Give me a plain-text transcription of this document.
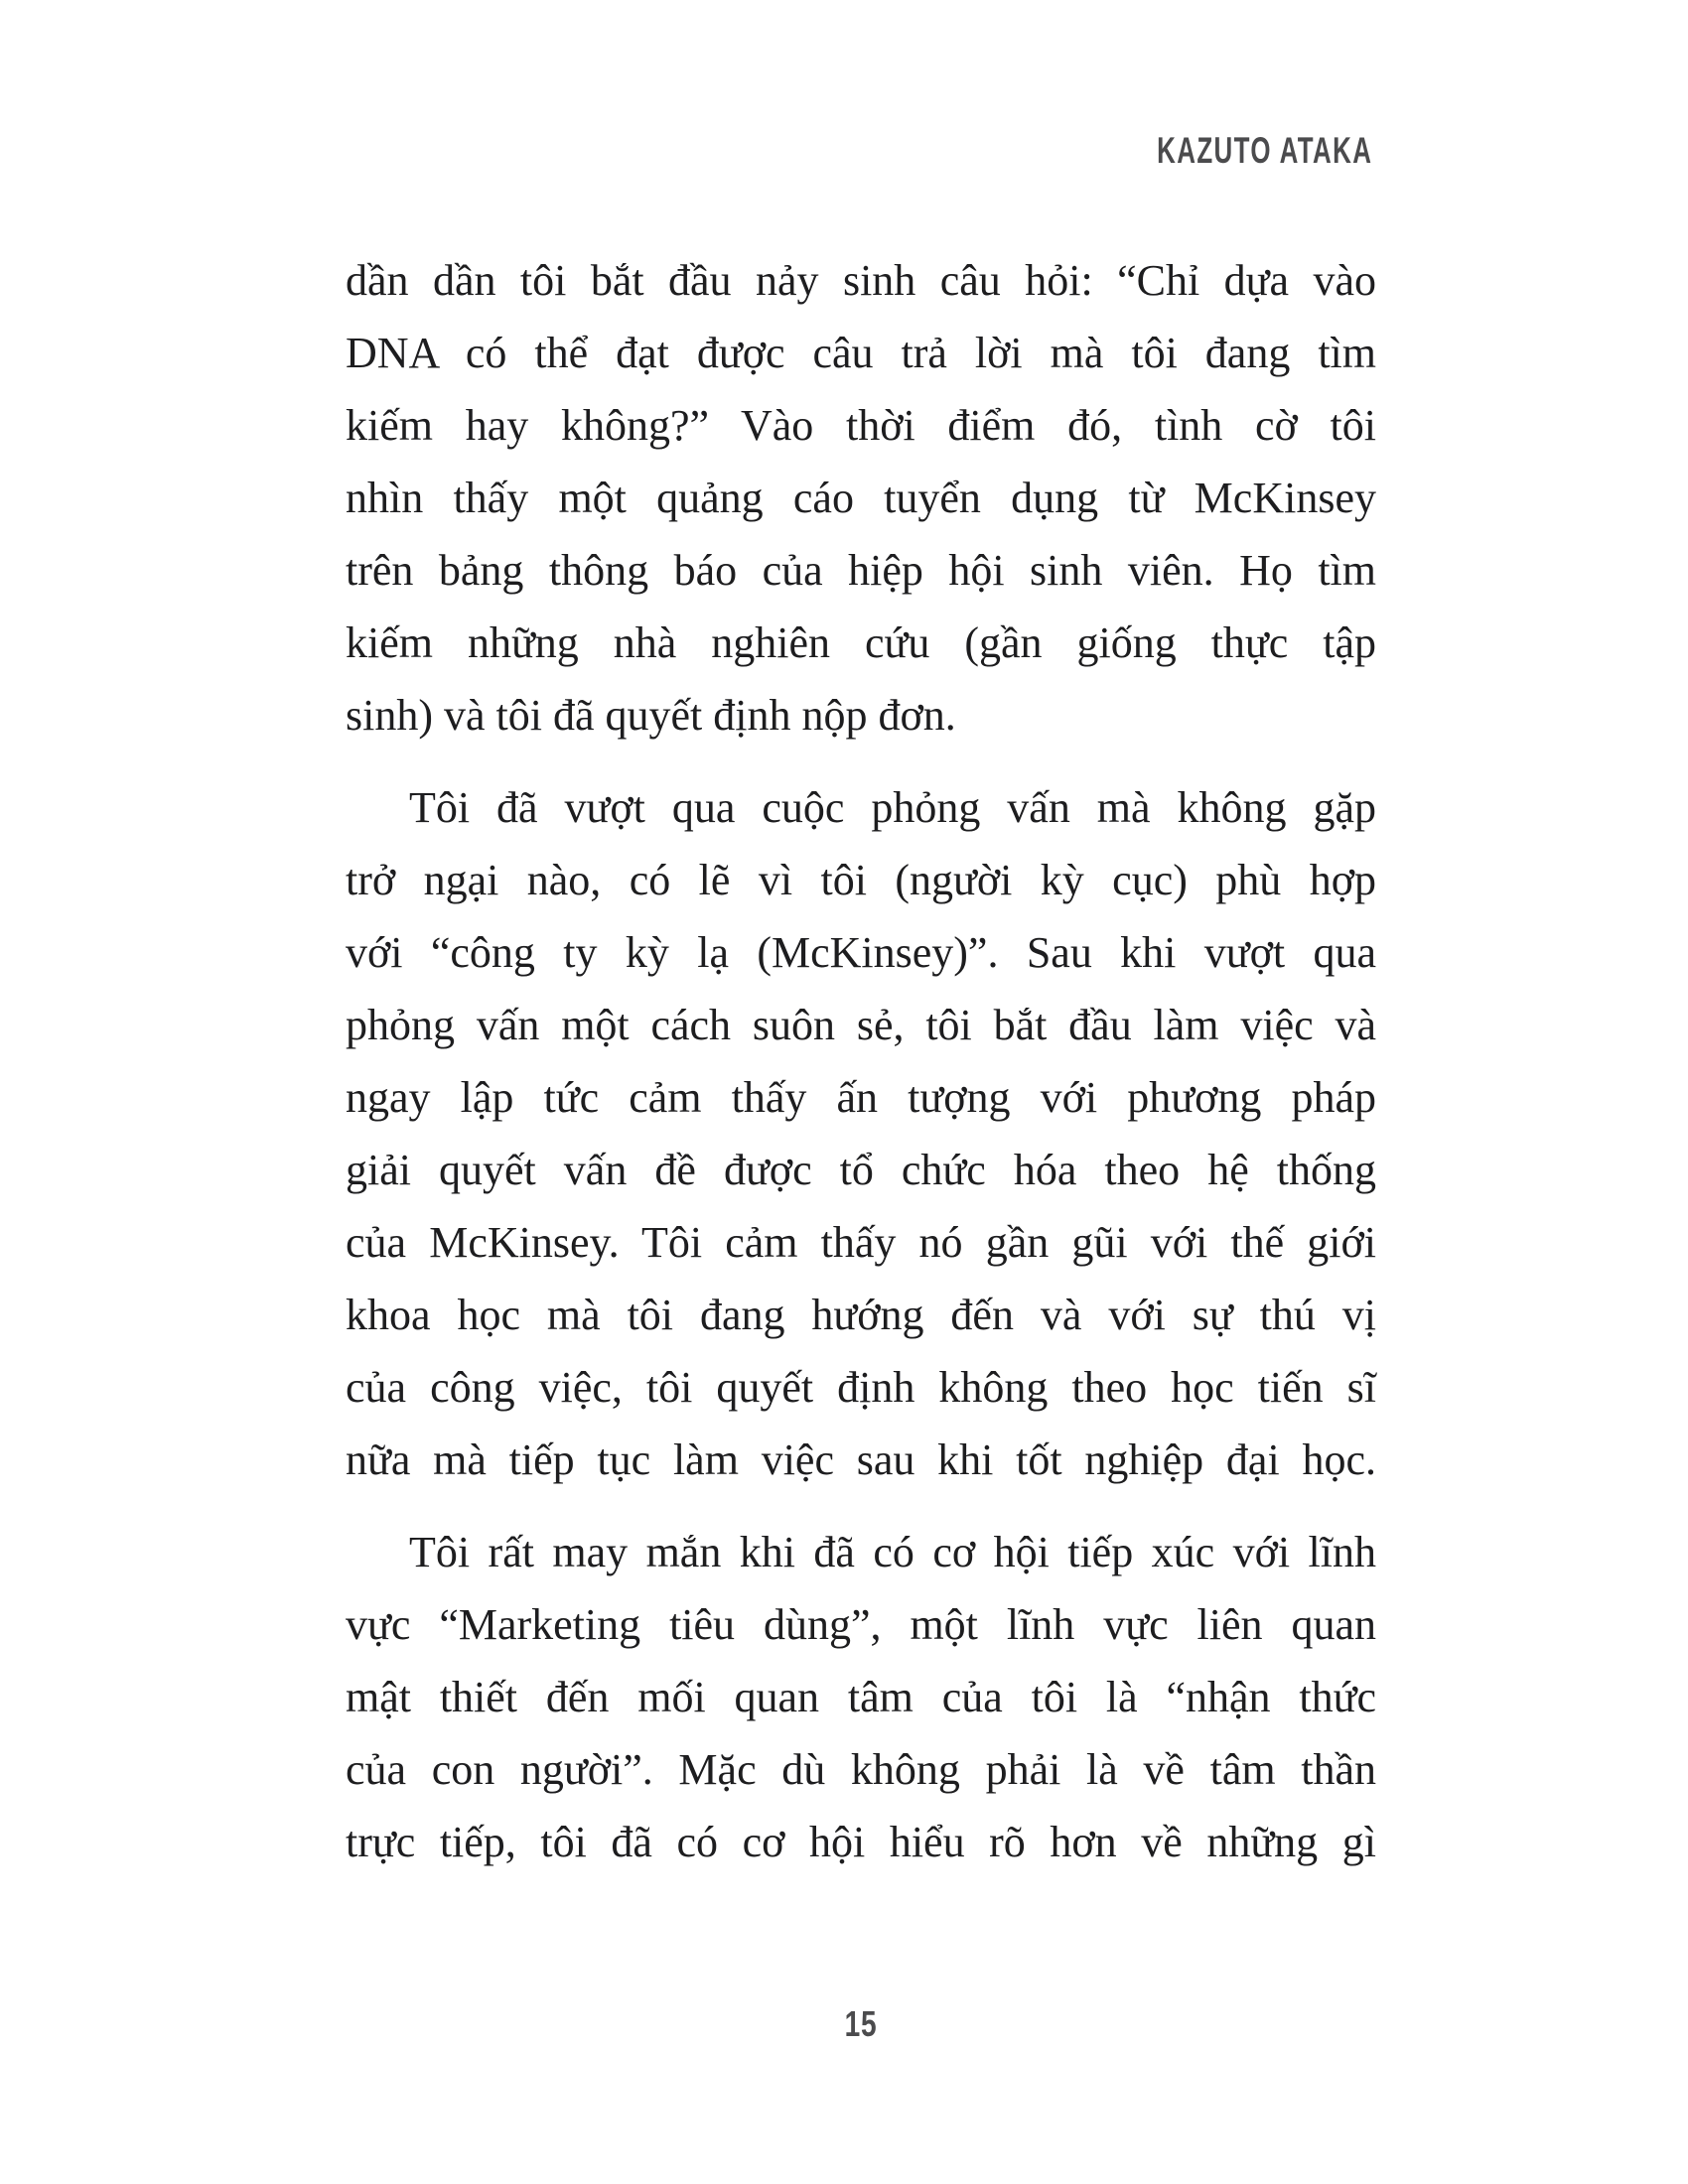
KAZUTO ATAKA

dần dần tôi bắt đầu nảy sinh câu hỏi: “Chỉ dựa vào
DNA có thể đạt được câu trả lời mà tôi đang tìm
kiếm hay không?” Vào thời điểm đó, tình cờ tôi
nhìn thấy một quảng cáo tuyển dụng từ McKinsey
trên bảng thông báo của hiệp hội sinh viên. Họ tìm
kiếm những nhà nghiên cứu (gần giống thực tập
sinh) và tôi đã quyết định nộp đơn.

Tôi đã vượt qua cuộc phỏng vấn mà không gặp
trở ngại nào, có lẽ vì tôi (người kỳ cục) phù hợp
với “công ty kỳ lạ (McKinsey)”. Sau khi vượt qua
phỏng vấn một cách suôn sẻ, tôi bắt đầu làm việc và
ngay lập tức cảm thấy ấn tượng với phương pháp
giải quyết vấn đề được tổ chức hóa theo hệ thống
của McKinsey. Tôi cảm thấy nó gần gũi với thế giới
khoa học mà tôi đang hướng đến và với sự thú vị
của công việc, tôi quyết định không theo học tiến sĩ
nữa mà tiếp tục làm việc sau khi tốt nghiệp đại học.

Tôi rất may mắn khi đã có cơ hội tiếp xúc với lĩnh
vực “Marketing tiêu dùng”, một lĩnh vực liên quan
mật thiết đến mối quan tâm của tôi là “nhận thức
của con người”. Mặc dù không phải là về tâm thần
trực tiếp, tôi đã có cơ hội hiểu rõ hơn về những gì

15
